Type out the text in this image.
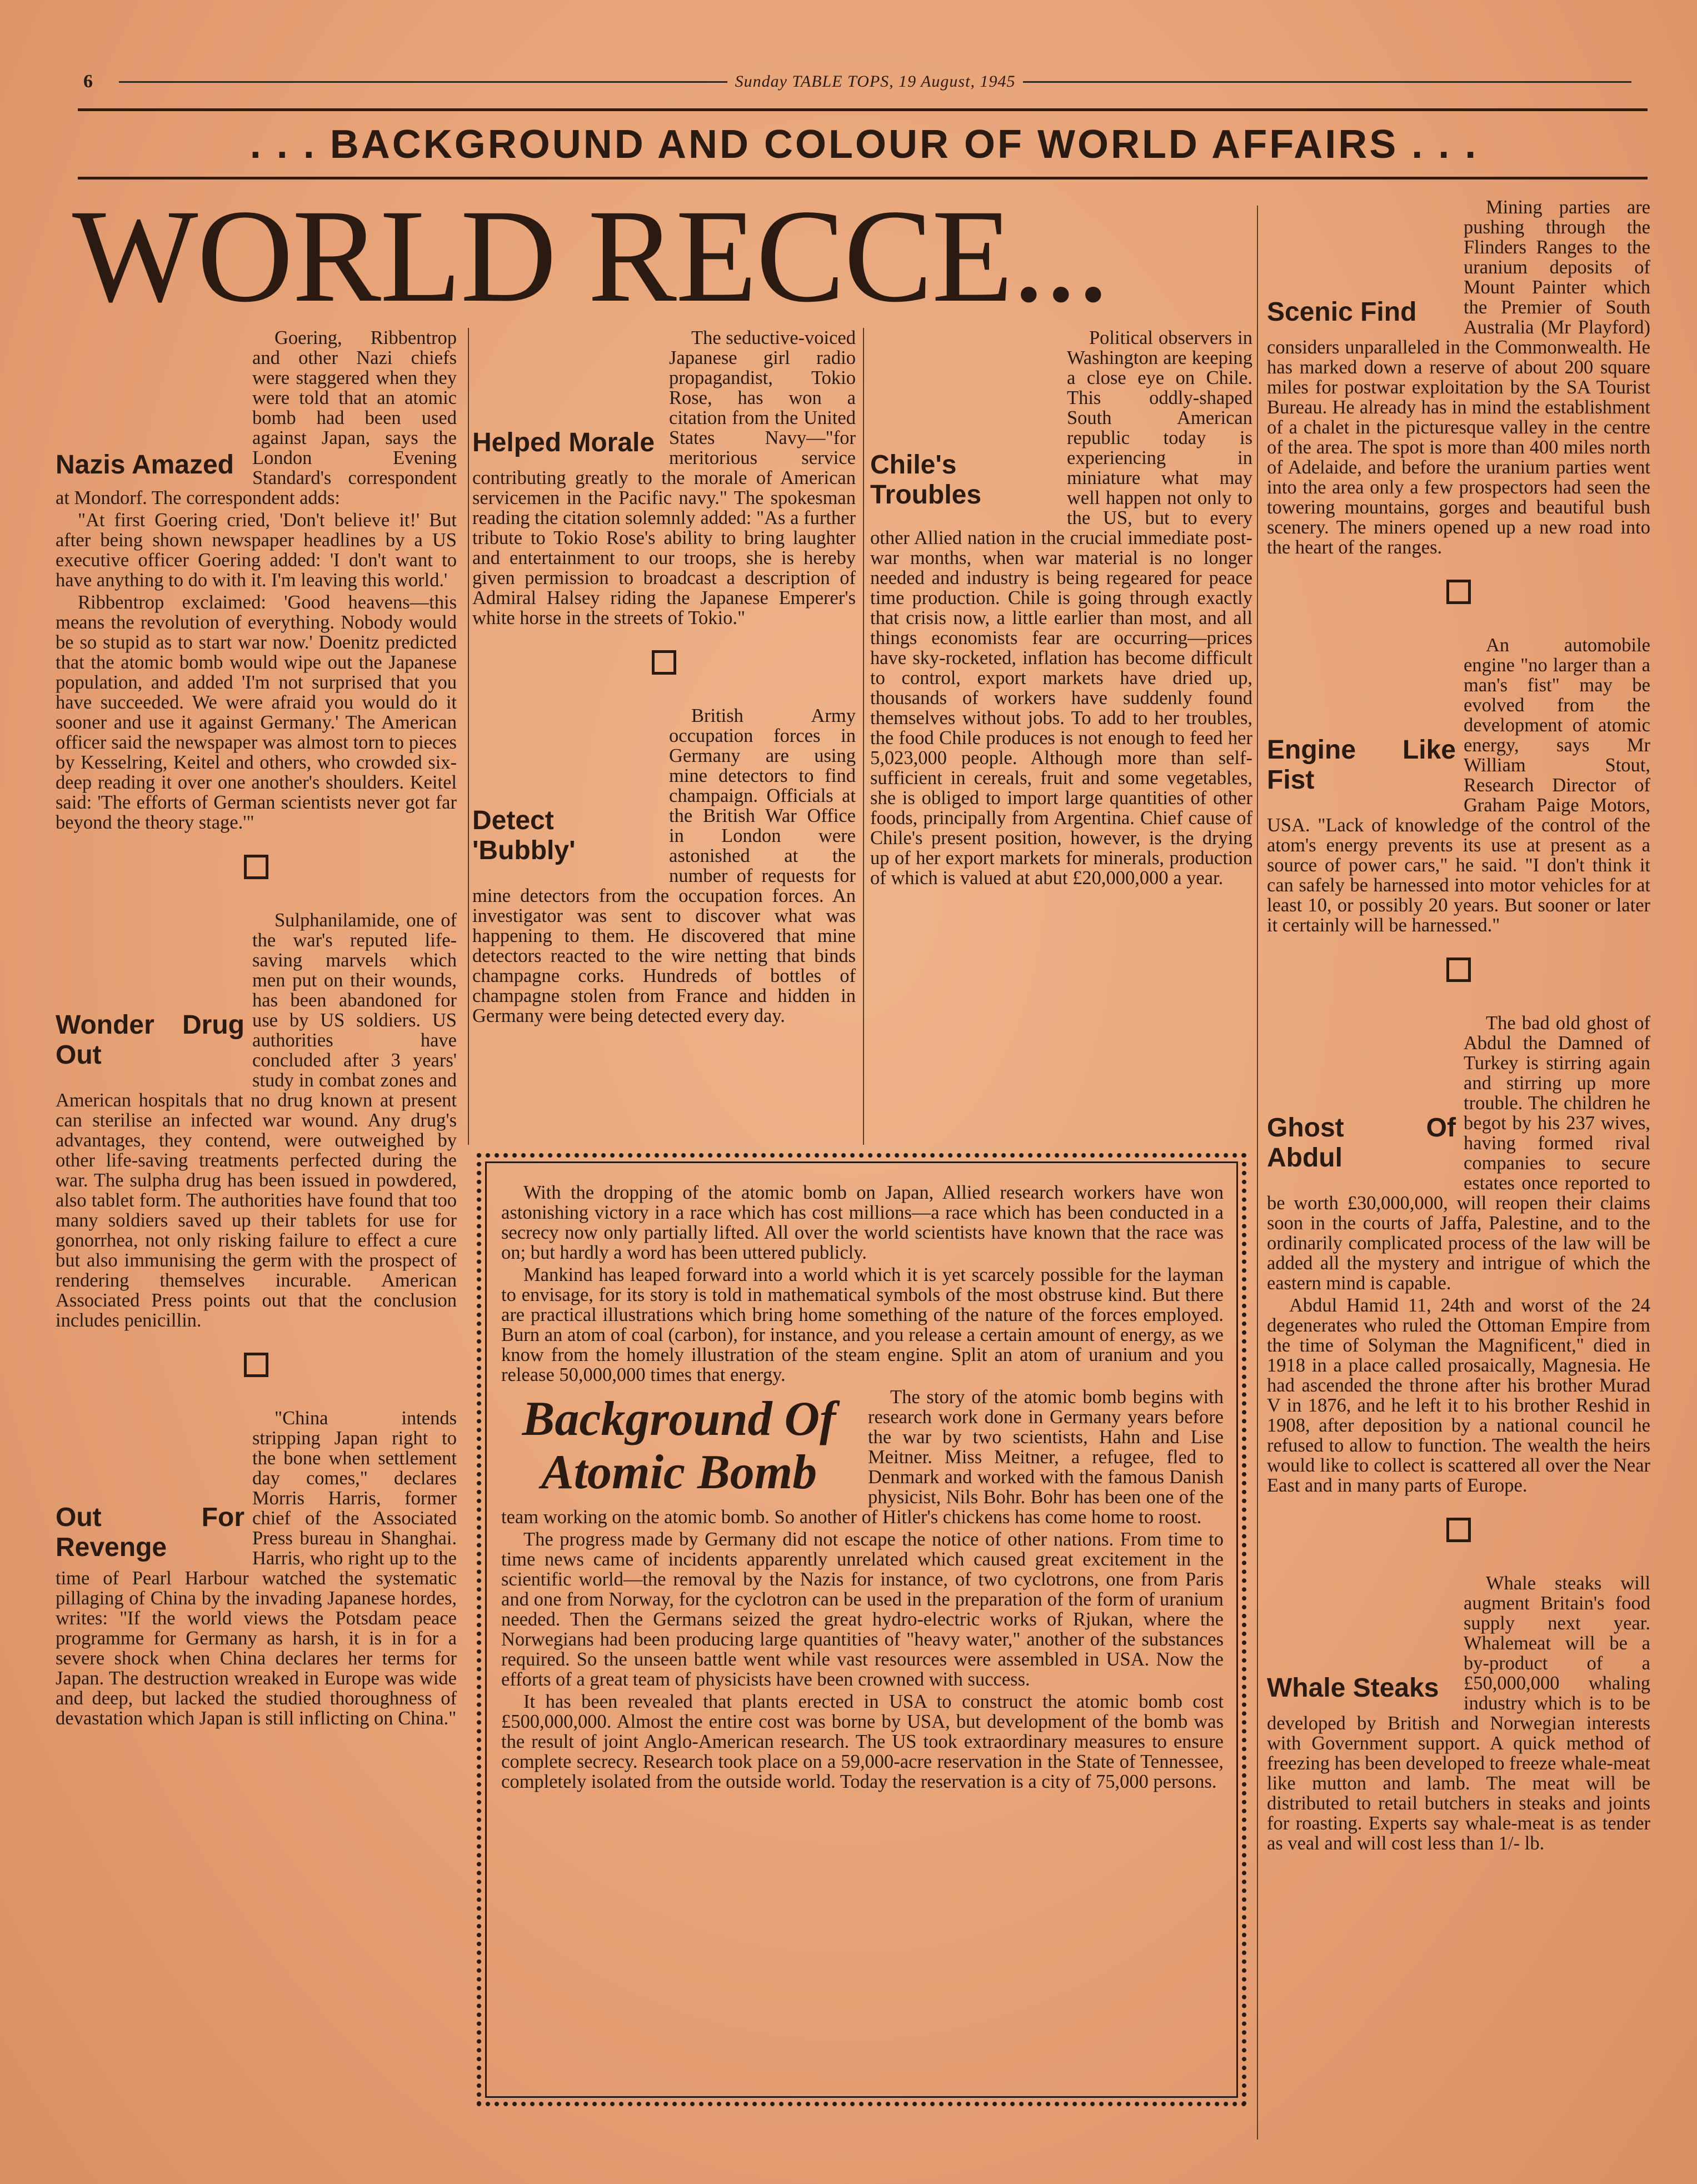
6	Sunday TABLE TOPS, 19 August, 1945
. . . BACKGROUND AND COLOUR OF WORLD AFFAIRS . . .
WORLD RECCE...
Nazis Amazed

Goering, Ribbentrop and other Nazi chiefs were staggered when they were told that an atomic bomb had been used against Japan, says the London Evening Standard's correspondent at Mondorf. The correspondent adds:

"At first Goering cried, 'Don't believe it!' But after being shown newspaper headlines by a US executive officer Goering added: 'I don't want to have anything to do with it. I'm leaving this world.'

Ribbentrop exclaimed: 'Good heavens—this means the revolution of everything. Nobody would be so stupid as to start war now.' Doenitz predicted that the atomic bomb would wipe out the Japanese population, and added 'I'm not surprised that you have succeeded. We were afraid you would do it sooner and use it against Germany.' The American officer said the newspaper was almost torn to pieces by Kesselring, Keitel and others, who crowded six-deep reading it over one another's shoulders. Keitel said: 'The efforts of German scientists never got far beyond the theory stage.'"

Wonder Drug Out

Sulphanilamide, one of the war's reputed life-saving marvels which men put on their wounds, has been abandoned for use by US soldiers. US authorities have concluded after 3 years' study in combat zones and American hospitals that no drug known at present can sterilise an infected war wound. Any drug's advantages, they contend, were outweighed by other life-saving treatments perfected during the war. The sulpha drug has been issued in powdered, also tablet form. The authorities have found that too many soldiers saved up their tablets for use for gonorrhea, not only risking failure to effect a cure but also immunising the germ with the prospect of rendering themselves incurable. American Associated Press points out that the conclusion includes penicillin.

Out For Revenge

"China intends stripping Japan right to the bone when settlement day comes," declares Morris Harris, former chief of the Associated Press bureau in Shanghai. Harris, who right up to the time of Pearl Harbour watched the systematic pillaging of China by the invading Japanese hordes, writes: "If the world views the Potsdam peace programme for Germany as harsh, it is in for a severe shock when China declares her terms for Japan. The destruction wreaked in Europe was wide and deep, but lacked the studied thoroughness of devastation which Japan is still inflicting on China."

Helped Morale

The seductive-voiced Japanese girl radio propagandist, Tokio Rose, has won a citation from the United States Navy—"for meritorious service contributing greatly to the morale of American servicemen in the Pacific navy." The spokesman reading the citation solemnly added: "As a further tribute to Tokio Rose's ability to bring laughter and entertainment to our troops, she is hereby given permission to broadcast a description of Admiral Halsey riding the Japanese Emperer's white horse in the streets of Tokio."

Detect 'Bubbly'

British Army occupation forces in Germany are using mine detectors to find champaign. Officials at the British War Office in London were astonished at the number of requests for mine detectors from the occupation forces. An investigator was sent to discover what was happening to them. He discovered that mine detectors reacted to the wire netting that binds champagne corks. Hundreds of bottles of champagne stolen from France and hidden in Germany were being detected every day.

Chile's Troubles

Political observers in Washington are keeping a close eye on Chile. This oddly-shaped South American republic today is experiencing in miniature what may well happen not only to the US, but to every other Allied nation in the crucial immediate post-war months, when war material is no longer needed and industry is being regeared for peace time production. Chile is going through exactly that crisis now, a little earlier than most, and all things economists fear are occurring—prices have sky-rocketed, inflation has become difficult to control, export markets have dried up, thousands of workers have suddenly found themselves without jobs. To add to her troubles, the food Chile produces is not enough to feed her 5,023,000 people. Although more than self-sufficient in cereals, fruit and some vegetables, she is obliged to import large quantities of other foods, principally from Argentina. Chief cause of Chile's present position, however, is the drying up of her export markets for minerals, production of which is valued at abut £20,000,000 a year.

Scenic Find

Mining parties are pushing through the Flinders Ranges to the uranium deposits of Mount Painter which the Premier of South Australia (Mr Playford) considers unparalleled in the Commonwealth. He has marked down a reserve of about 200 square miles for postwar exploitation by the SA Tourist Bureau. He already has in mind the establishment of a chalet in the picturesque valley in the centre of the area. The spot is more than 400 miles north of Adelaide, and before the uranium parties went into the area only a few prospectors had seen the towering mountains, gorges and beautiful bush scenery. The miners opened up a new road into the heart of the ranges.

Engine Like Fist

An automobile engine "no larger than a man's fist" may be evolved from the development of atomic energy, says Mr William Stout, Research Director of Graham Paige Motors, USA. "Lack of knowledge of the control of the atom's energy prevents its use at present as a source of power cars," he said. "I don't think it can safely be harnessed into motor vehicles for at least 10, or possibly 20 years. But sooner or later it certainly will be harnessed."

Ghost Of Abdul

The bad old ghost of Abdul the Damned of Turkey is stirring again and stirring up more trouble. The children he begot by his 237 wives, having formed rival companies to secure estates once reported to be worth £30,000,000, will reopen their claims soon in the courts of Jaffa, Palestine, and to the ordinarily complicated process of the law will be added all the mystery and intrigue of which the eastern mind is capable.

Abdul Hamid 11, 24th and worst of the 24 degenerates who ruled the Ottoman Empire from the time of Solyman the Magnificent," died in 1918 in a place called prosaically, Magnesia. He had ascended the throne after his brother Murad V in 1876, and he left it to his brother Reshid in 1908, after deposition by a national council he refused to allow to function. The wealth the heirs would like to collect is scattered all over the Near East and in many parts of Europe.

Whale Steaks

Whale steaks will augment Britain's food supply next year. Whalemeat will be a by-product of a £50,000,000 whaling industry which is to be developed by British and Norwegian interests with Government support. A quick method of freezing has been developed to freeze whale-meat like mutton and lamb. The meat will be distributed to retail butchers in steaks and joints for roasting. Experts say whale-meat is as tender as veal and will cost less than 1/- lb.

With the dropping of the atomic bomb on Japan, Allied research workers have won astonishing victory in a race which has cost millions—a race which has been conducted in a secrecy now only partially lifted. All over the world scientists have known that the race was on; but hardly a word has been uttered publicly.

Mankind has leaped forward into a world which it is yet scarcely possible for the layman to envisage, for its story is told in mathematical symbols of the most obstruse kind. But there are practical illustrations which bring home something of the nature of the forces employed. Burn an atom of coal (carbon), for instance, and you release a certain amount of energy, as we know from the homely illustration of the steam engine. Split an atom of uranium and you release 50,000,000 times that energy.

Background Of Atomic Bomb

The story of the atomic bomb begins with research work done in Germany years before the war by two scientists, Hahn and Lise Meitner. Miss Meitner, a refugee, fled to Denmark and worked with the famous Danish physicist, Nils Bohr. Bohr has been one of the team working on the atomic bomb. So another of Hitler's chickens has come home to roost.

The progress made by Germany did not escape the notice of other nations. From time to time news came of incidents apparently unrelated which caused great excitement in the scientific world—the removal by the Nazis for instance, of two cyclotrons, one from Paris and one from Norway, for the cyclotron can be used in the preparation of the form of uranium needed. Then the Germans seized the great hydro-electric works of Rjukan, where the Norwegians had been producing large quantities of "heavy water," another of the substances required. So the unseen battle went while vast resources were assembled in USA. Now the efforts of a great team of physicists have been crowned with success.

It has been revealed that plants erected in USA to construct the atomic bomb cost £500,000,000. Almost the entire cost was borne by USA, but development of the bomb was the result of joint Anglo-American research. The US took extraordinary measures to ensure complete secrecy. Research took place on a 59,000-acre reservation in the State of Tennessee, completely isolated from the outside world. Today the reservation is a city of 75,000 persons.
